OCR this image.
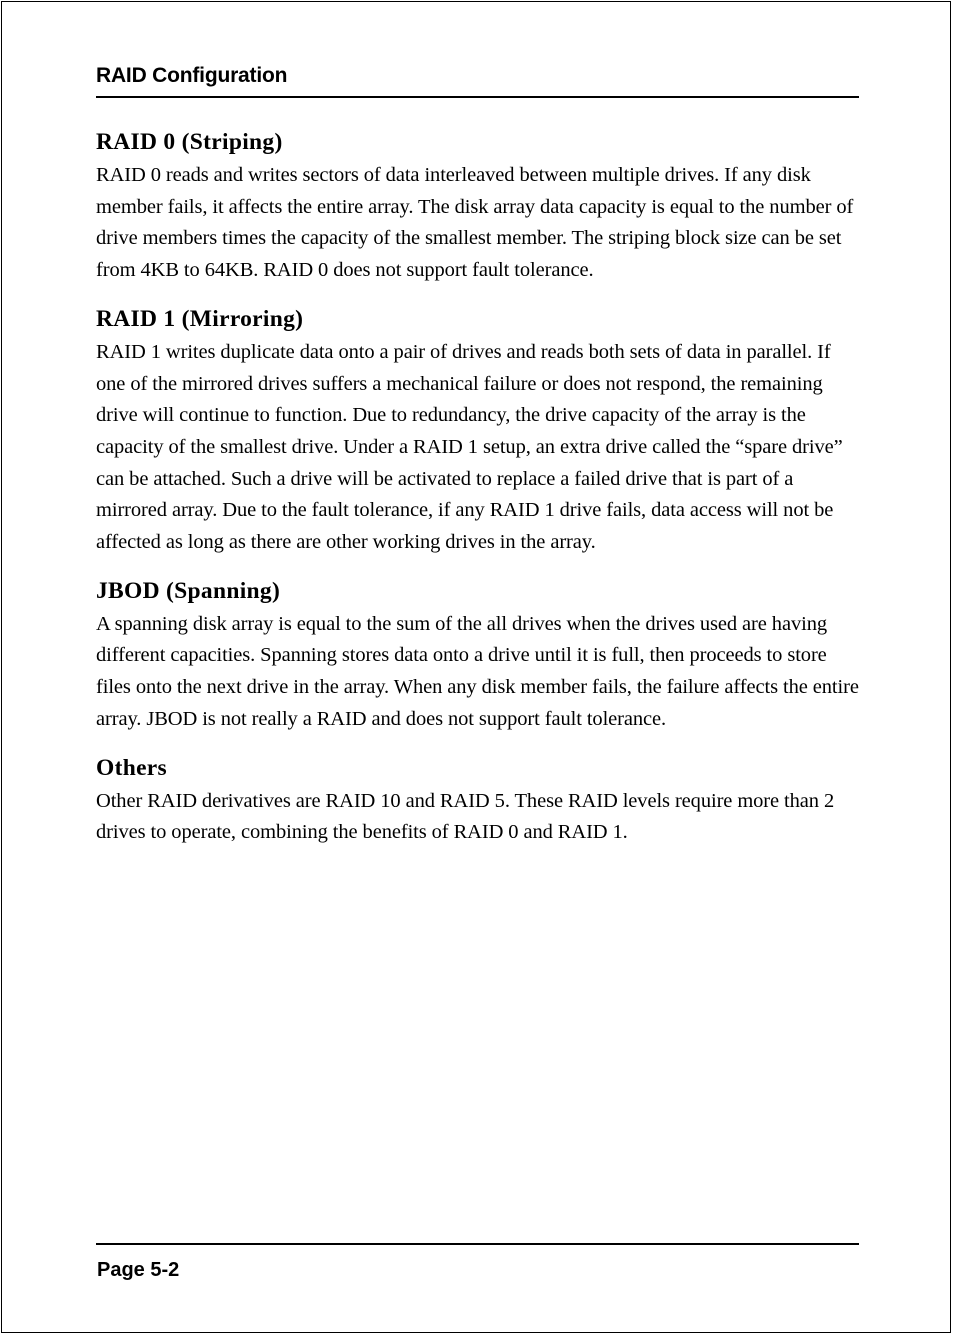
RAID Configuration
RAID 0 (Striping)

RAID 0 reads and writes sectors of data interleaved between multiple drives. If any disk member fails, it affects the entire array. The disk array data capacity is equal to the number of drive members times the capacity of the smallest member. The striping block size can be set from 4KB to 64KB. RAID 0 does not support fault tolerance.

RAID 1 (Mirroring)

RAID 1 writes duplicate data onto a pair of drives and reads both sets of data in parallel. If one of the mirrored drives suffers a mechanical failure or does not respond, the remaining drive will continue to function. Due to redundancy, the drive capacity of the array is the capacity of the smallest drive. Under a RAID 1 setup, an extra drive called the “spare drive” can be attached. Such a drive will be activated to replace a failed drive that is part of a mirrored array. Due to the fault tolerance, if any RAID 1 drive fails, data access will not be affected as long as there are other working drives in the array.

JBOD (Spanning)

A spanning disk array is equal to the sum of the all drives when the drives used are having different capacities. Spanning stores data onto a drive until it is full, then proceeds to store files onto the next drive in the array. When any disk member fails, the failure affects the entire array. JBOD is not really a RAID and does not support fault tolerance.

Others

Other RAID derivatives are RAID 10 and RAID 5. These RAID levels require more than 2 drives to operate, combining the benefits of RAID 0 and RAID 1.

Page 5-2
